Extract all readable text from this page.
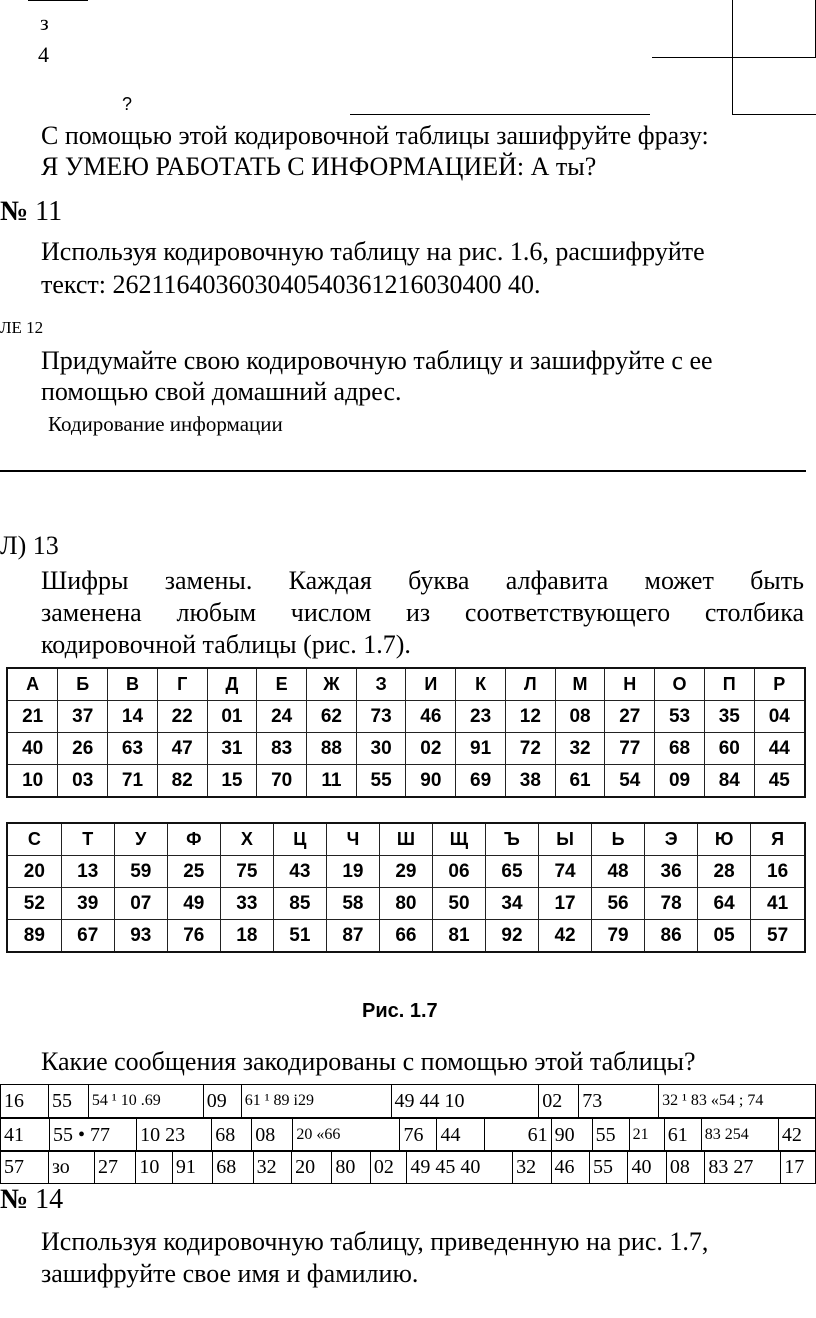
з
4
?
С помощью этой кодировочной таблицы зашифруйте фразу:
Я УМЕЮ РАБОТАТЬ С ИНФОРМАЦИЕЙ: А ты?
№ 11
Используя кодировочную таблицу на рис. 1.6, расшифруйте
текст: 262116403603040540361216030400 40.
ЛЕ 12
Придумайте свою кодировочную таблицу и зашифруйте с ее
помощью свой домашний адрес.
Кодирование информации
Л) 13
Шифры замены. Каждая буква алфавита может быть
заменена любым числом из соответствующего столбика
кодировочной таблицы (рис. 1.7).
А	Б	В	Г	Д	Е	Ж	З	И	К	Л	М	Н	О	П	Р
21	37	14	22	01	24	62	73	46	23	12	08	27	53	35	04
40	26	63	47	31	83	88	30	02	91	72	32	77	68	60	44
10	03	71	82	15	70	11	55	90	69	38	61	54	09	84	45
С	Т	У	Ф	Х	Ц	Ч	Ш	Щ	Ъ	Ы	Ь	Э	Ю	Я
20	13	59	25	75	43	19	29	06	65	74	48	36	28	16
52	39	07	49	33	85	58	80	50	34	17	56	78	64	41
89	67	93	76	18	51	87	66	81	92	42	79	86	05	57
Рис. 1.7
Какие сообщения закодированы с помощью этой таблицы?
16	55	54 ¹ 10 .69	09	61 ¹ 89 i29	49 44 10	02	73	32 ¹ 83 «54 ; 74
41	55 • 77	10 23	68	08	20 «66	76	44	61	90	55	21	61	83 254	42
57	зо	27	10	91	68	32	20	80	02	49 45 40	32	46	55	40	08	83 27	17
№ 14
Используя кодировочную таблицу, приведенную на рис. 1.7,
зашифруйте свое имя и фамилию.
